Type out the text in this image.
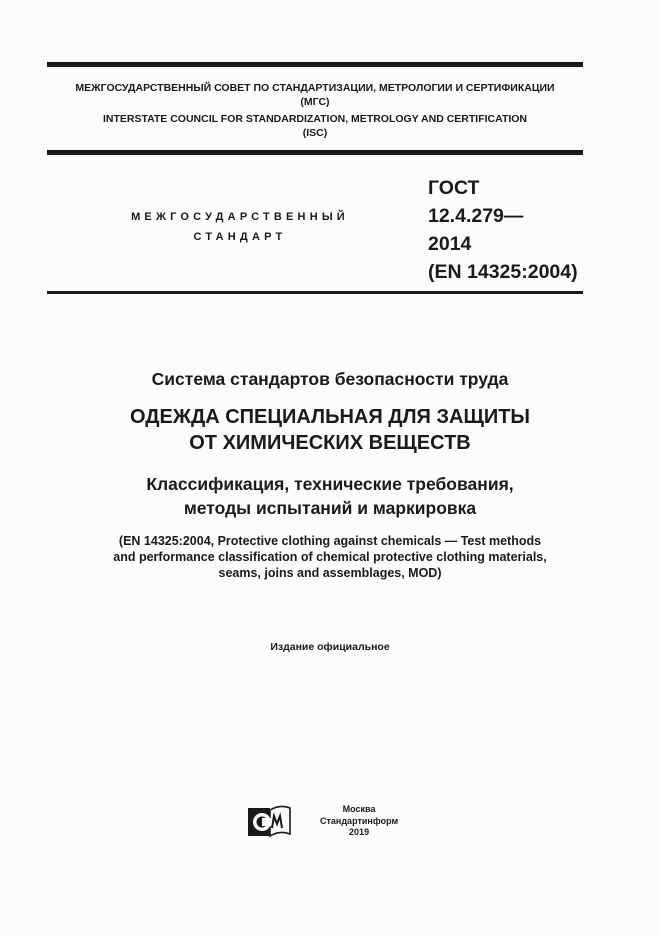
МЕЖГОСУДАРСТВЕННЫЙ СОВЕТ ПО СТАНДАРТИЗАЦИИ, МЕТРОЛОГИИ И СЕРТИФИКАЦИИ
(МГС)
INTERSTATE COUNCIL FOR STANDARDIZATION, METROLOGY AND CERTIFICATION
(ISC)
МЕЖГОСУДАРСТВЕННЫЙ
СТАНДАРТ
ГОСТ
12.4.279—
2014
(EN 14325:2004)
Система стандартов безопасности труда
ОДЕЖДА СПЕЦИАЛЬНАЯ ДЛЯ ЗАЩИТЫ
ОТ ХИМИЧЕСКИХ ВЕЩЕСТВ
Классификация, технические требования,
методы испытаний и маркировка
(EN 14325:2004, Protective clothing against chemicals — Test methods
and performance classification of chemical protective clothing materials,
seams, joins and assemblages, MOD)
Издание официальное
Москва
Стандартинформ
2019
